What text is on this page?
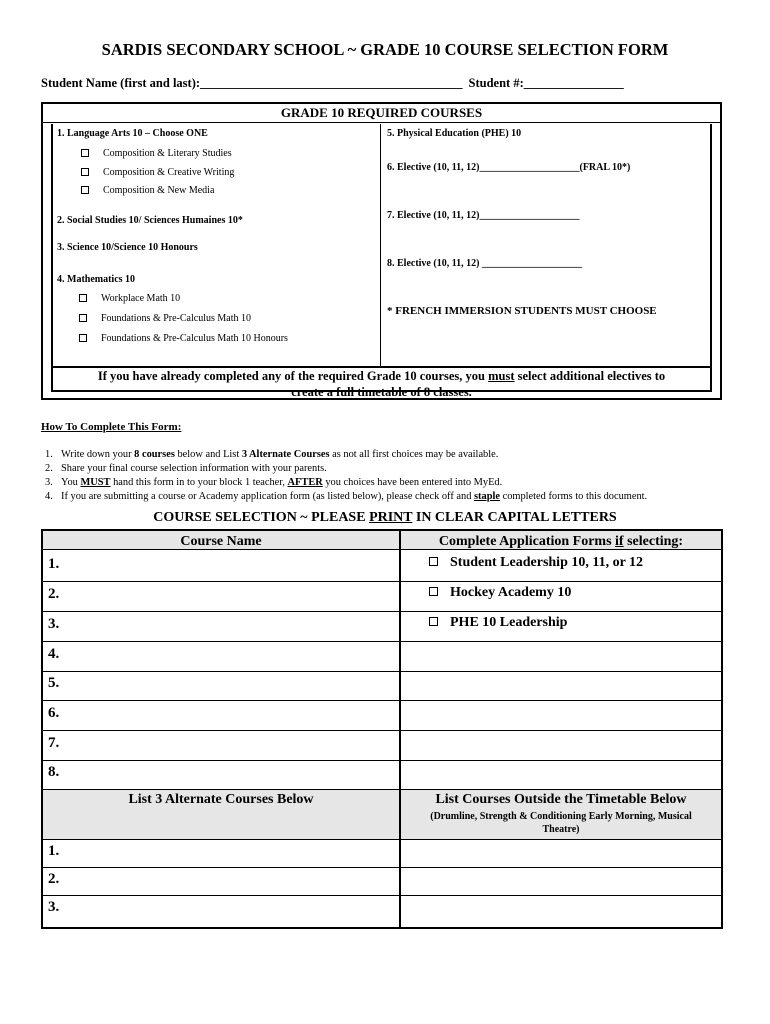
SARDIS SECONDARY SCHOOL ~ GRADE 10 COURSE SELECTION FORM
Student Name (first and last):__________________________________________ Student #:________________
GRADE 10 REQUIRED COURSES
1. Language Arts 10 – Choose ONE
Composition & Literary Studies
Composition & Creative Writing
Composition & New Media
2. Social Studies 10/ Sciences Humaines 10*
3. Science 10/Science 10 Honours
4. Mathematics 10
Workplace Math 10
Foundations & Pre-Calculus Math 10
Foundations & Pre-Calculus Math 10 Honours
5. Physical Education (PHE) 10
6. Elective (10, 11, 12)____________________(FRAL 10*)
7. Elective (10, 11, 12)____________________
8. Elective (10, 11, 12) ____________________
* FRENCH IMMERSION STUDENTS MUST CHOOSE
If you have already completed any of the required Grade 10 courses, you must select additional electives to
create a full timetable of 8 classes.
How To Complete This Form:
1. Write down your 8 courses below and List 3 Alternate Courses as not all first choices may be available.
2. Share your final course selection information with your parents.
3. You MUST hand this form in to your block 1 teacher, AFTER you choices have been entered into MyEd.
4. If you are submitting a course or Academy application form (as listed below), please check off and staple completed forms to this document.
COURSE SELECTION ~ PLEASE PRINT IN CLEAR CAPITAL LETTERS
Course Name	Complete Application Forms if selecting:
1.
2.
3.
4.
5.
6.
7.
8.
Student Leadership 10, 11, or 12
Hockey Academy 10
PHE 10 Leadership
List 3 Alternate Courses Below	List Courses Outside the Timetable Below
(Drumline, Strength & Conditioning Early Morning, Musical Theatre)
1.
2.
3.
